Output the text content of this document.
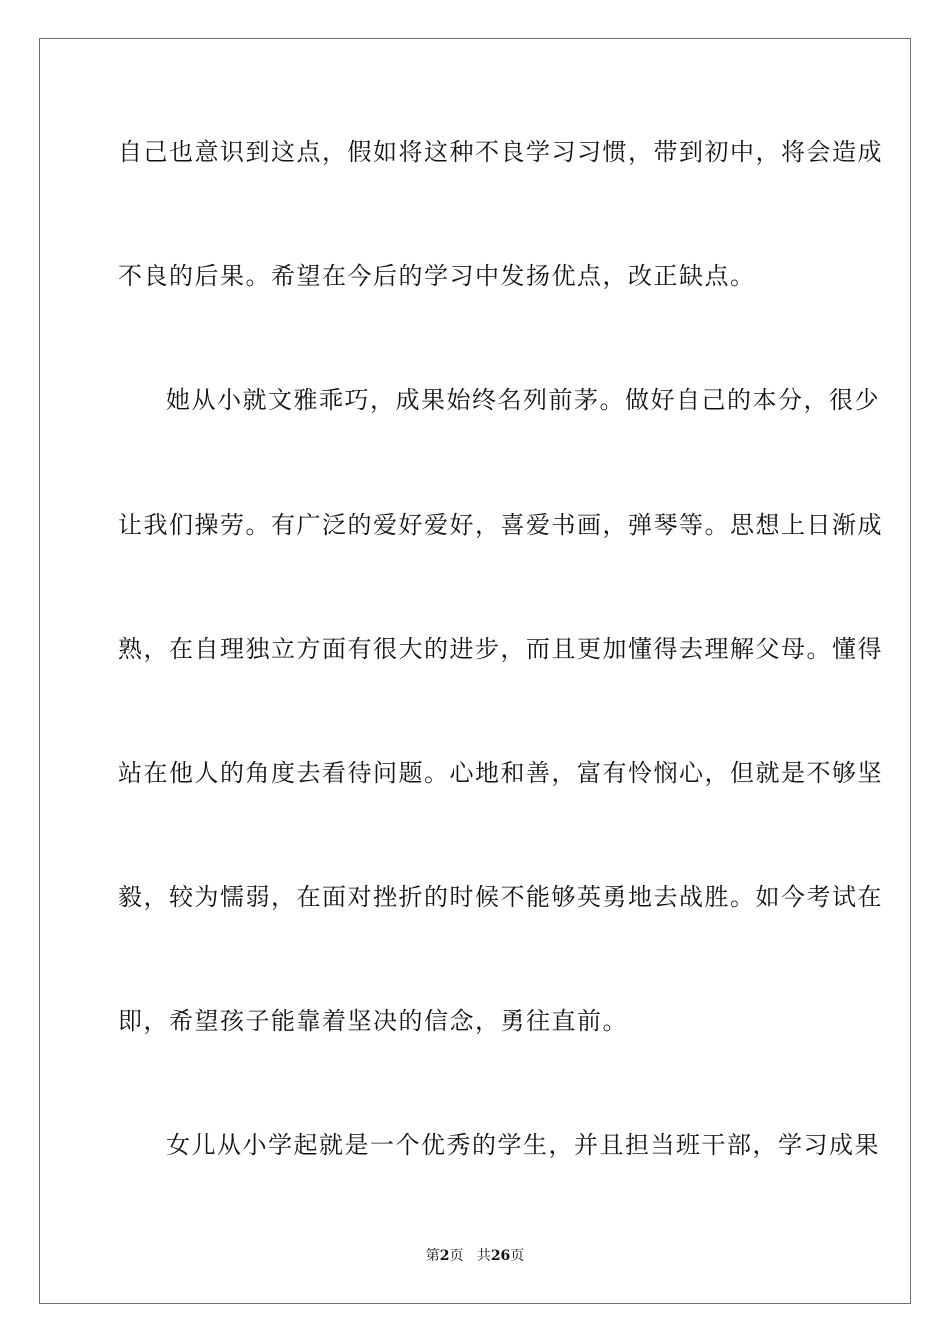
自己也意识到这点，假如将这种不良学习习惯，带到初中，将会造成
不良的后果。希望在今后的学习中发扬优点，改正缺点。
她从小就文雅乖巧，成果始终名列前茅。做好自己的本分，很少
让我们操劳。有广泛的爱好爱好，喜爱书画，弹琴等。思想上日渐成
熟，在自理独立方面有很大的进步，而且更加懂得去理解父母。懂得
站在他人的角度去看待问题。心地和善，富有怜悯心，但就是不够坚
毅，较为懦弱，在面对挫折的时候不能够英勇地去战胜。如今考试在
即，希望孩子能靠着坚决的信念，勇往直前。
女儿从小学起就是一个优秀的学生，并且担当班干部，学习成果
第2页 共26页
